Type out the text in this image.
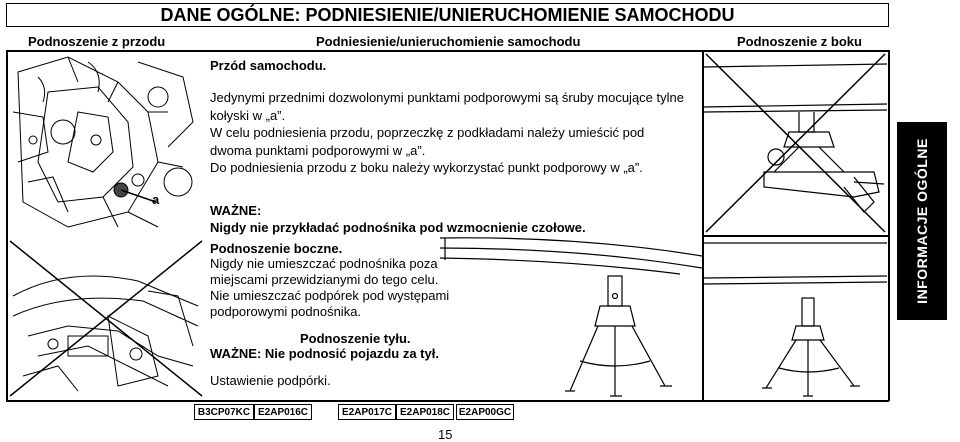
DANE OGÓLNE: PODNIESIENIE/UNIERUCHOMIENIE SAMOCHODU
Podnoszenie z przodu	Podniesienie/unieruchomienie samochodu	Podnoszenie z boku
a
Przód samochodu.
Jedynymi przednimi dozwolonymi punktami podporowymi są śruby mocujące tylne
kołyski w „a”.
W celu podniesienia przodu, poprzeczkę z podkładami należy umieścić pod
dwoma punktami podporowymi w „a”.
Do podniesienia przodu z boku należy wykorzystać punkt podporowy w „a”.
WAŻNE:
Nigdy nie przykładać podnośnika pod wzmocnienie czołowe.
Podnoszenie boczne.
Nigdy nie umieszczać podnośnika poza
miejscami przewidzianymi do tego celu.
Nie umieszczać podpórek pod występami
podporowymi podnośnika.
Podnoszenie tyłu.
WAŻNE: Nie podnosić pojazdu za tył.
Ustawienie podpórki.
INFORMACJE OGÓLNE
B3CP07KC E2AP016C	E2AP017C E2AP018C E2AP00GC
15
